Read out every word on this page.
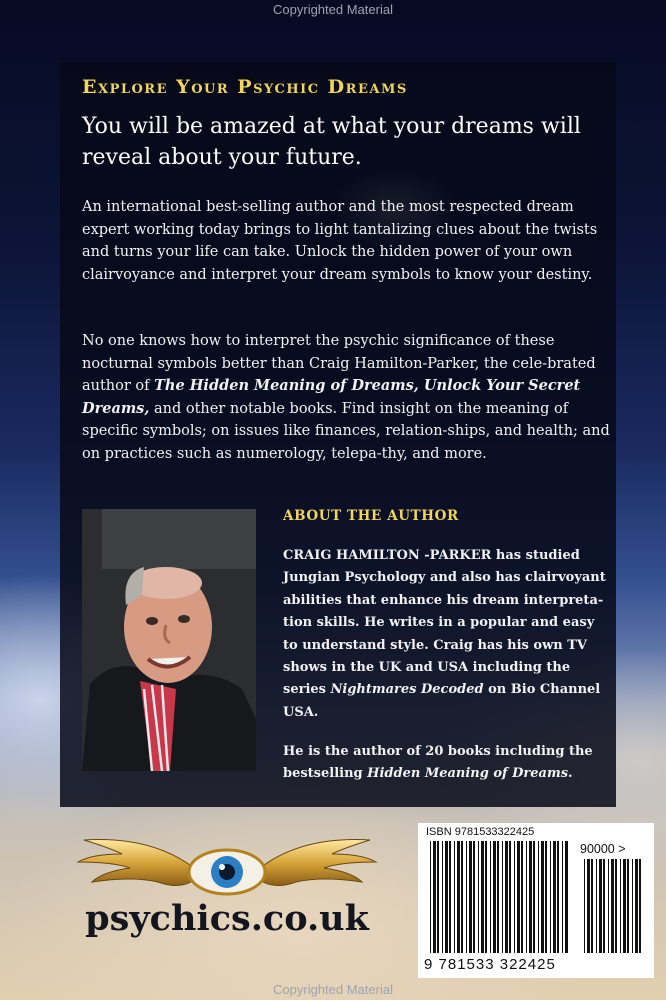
Copyrighted Material
Explore Your Psychic Dreams

You will be amazed at what your dreams will reveal about your future.

An international best-selling author and the most respected dream expert working today brings to light tantalizing clues about the twists and turns your life can take. Unlock the hidden power of your own clairvoyance and interpret your dream symbols to know your destiny.

No one knows how to interpret the psychic significance of these nocturnal symbols better than Craig Hamilton-Parker, the cele-brated author of The Hidden Meaning of Dreams, Unlock Your Secret Dreams, and other notable books. Find insight on the meaning of specific symbols; on issues like finances, relation-ships, and health; and on practices such as numerology, telepa-thy, and more.

ABOUT THE AUTHOR

CRAIG HAMILTON -PARKER has studied Jungian Psychology and also has clairvoyant abilities that enhance his dream interpreta-tion skills. He writes in a popular and easy to understand style. Craig has his own TV shows in the UK and USA including the series Nightmares Decoded on Bio Channel USA.

He is the author of 20 books including the bestselling Hidden Meaning of Dreams.

psychics.co.uk

ISBN 9781533322425
90000 >
9 781533 322425
Copyrighted Material
